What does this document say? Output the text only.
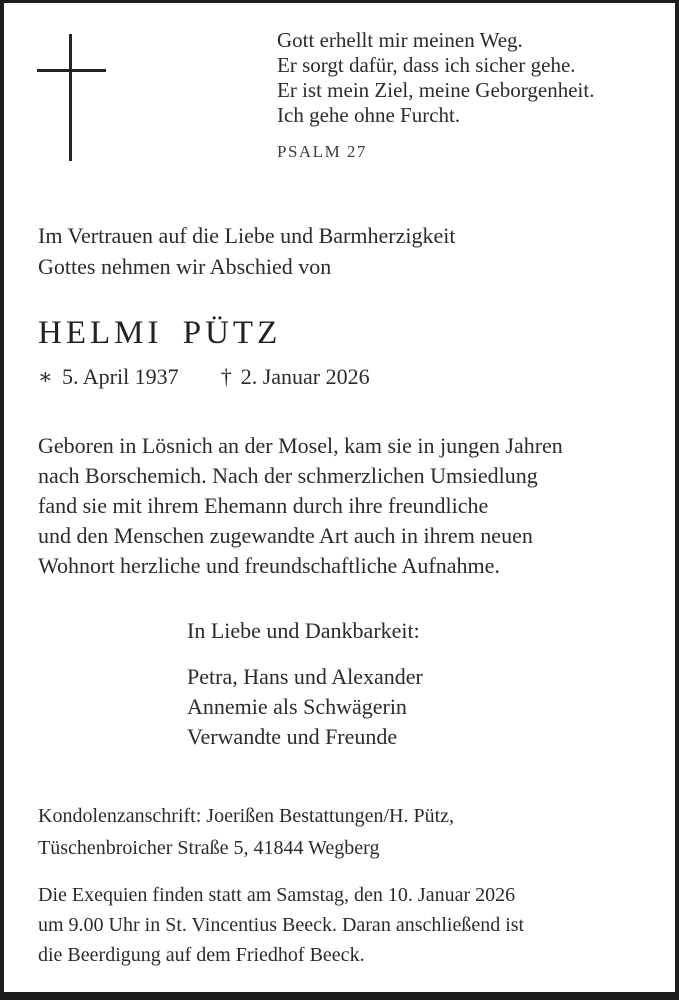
Gott erhellt mir meinen Weg.
Er sorgt dafür, dass ich sicher gehe.
Er ist mein Ziel, meine Geborgenheit.
Ich gehe ohne Furcht.
PSALM 27
Im Vertrauen auf die Liebe und Barmherzigkeit
Gottes nehmen wir Abschied von
HELMI PÜTZ
∗ 5. April 1937 † 2. Januar 2026
Geboren in Lösnich an der Mosel, kam sie in jungen Jahren
nach Borschemich. Nach der schmerzlichen Umsiedlung
fand sie mit ihrem Ehemann durch ihre freundliche
und den Menschen zugewandte Art auch in ihrem neuen
Wohnort herzliche und freundschaftliche Aufnahme.
In Liebe und Dankbarkeit:
Petra, Hans und Alexander
Annemie als Schwägerin
Verwandte und Freunde
Kondolenzanschrift: Joerißen Bestattungen/H. Pütz,
Tüschenbroicher Straße 5, 41844 Wegberg
Die Exequien finden statt am Samstag, den 10. Januar 2026
um 9.00 Uhr in St. Vincentius Beeck. Daran anschließend ist
die Beerdigung auf dem Friedhof Beeck.
